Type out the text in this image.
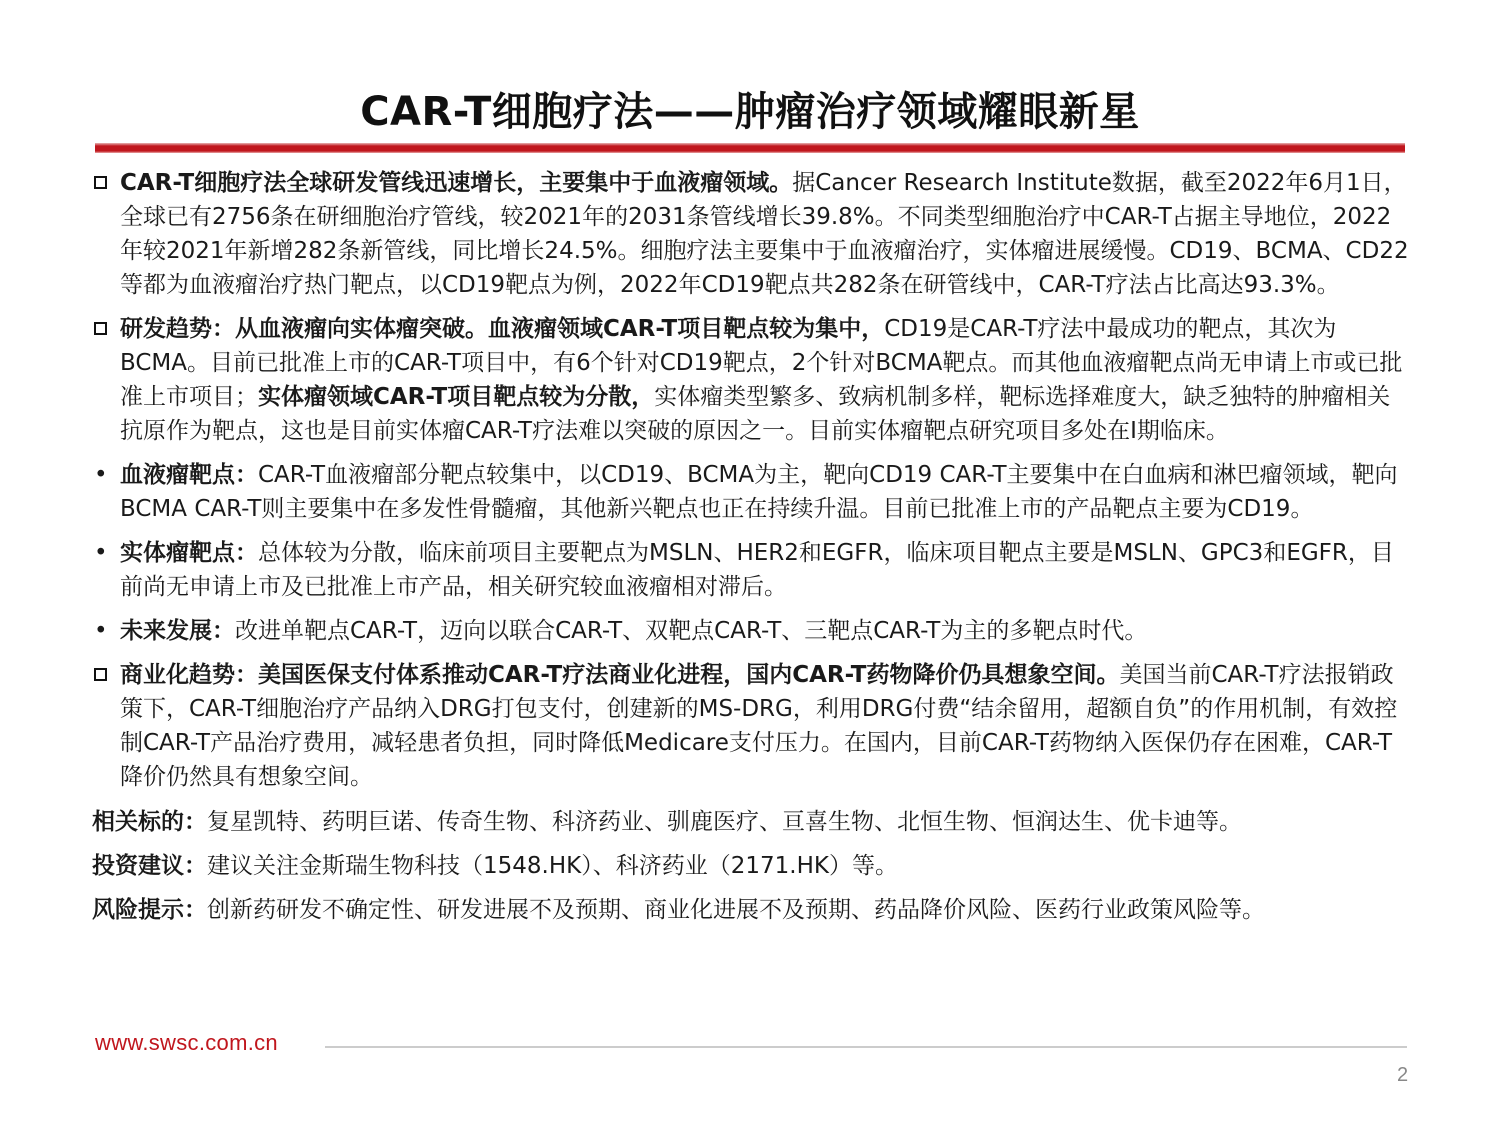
CAR-T细胞疗法——肿瘤治疗领域耀眼新星

CAR-T细胞疗法全球研发管线迅速增长，主要集中于血液瘤领域。据Cancer Research Institute数据，截至2022年6月1日，全球已有2756条在研细胞治疗管线，较2021年的2031条管线增长39.8%。不同类型细胞治疗中CAR-T占据主导地位，2022年较2021年新增282条新管线，同比增长24.5%。细胞疗法主要集中于血液瘤治疗，实体瘤进展缓慢。CD19、BCMA、CD22等都为血液瘤治疗热门靶点，以CD19靶点为例，2022年CD19靶点共282条在研管线中，CAR-T疗法占比高达93.3%。

研发趋势：从血液瘤向实体瘤突破。血液瘤领域CAR-T项目靶点较为集中，CD19是CAR-T疗法中最成功的靶点，其次为BCMA。目前已批准上市的CAR-T项目中，有6个针对CD19靶点，2个针对BCMA靶点。而其他血液瘤靶点尚无申请上市或已批准上市项目；实体瘤领域CAR-T项目靶点较为分散，实体瘤类型繁多、致病机制多样，靶标选择难度大，缺乏独特的肿瘤相关抗原作为靶点，这也是目前实体瘤CAR-T疗法难以突破的原因之一。目前实体瘤靶点研究项目多处在I期临床。

• 血液瘤靶点：CAR-T血液瘤部分靶点较集中，以CD19、BCMA为主，靶向CD19 CAR-T主要集中在白血病和淋巴瘤领域，靶向BCMA CAR-T则主要集中在多发性骨髓瘤，其他新兴靶点也正在持续升温。目前已批准上市的产品靶点主要为CD19。

• 实体瘤靶点：总体较为分散，临床前项目主要靶点为MSLN、HER2和EGFR，临床项目靶点主要是MSLN、GPC3和EGFR，目前尚无申请上市及已批准上市产品，相关研究较血液瘤相对滞后。

• 未来发展：改进单靶点CAR-T，迈向以联合CAR-T、双靶点CAR-T、三靶点CAR-T为主的多靶点时代。

商业化趋势：美国医保支付体系推动CAR-T疗法商业化进程，国内CAR-T药物降价仍具想象空间。美国当前CAR-T疗法报销政策下，CAR-T细胞治疗产品纳入DRG打包支付，创建新的MS-DRG，利用DRG付费“结余留用，超额自负”的作用机制，有效控制CAR-T产品治疗费用，减轻患者负担，同时降低Medicare支付压力。在国内，目前CAR-T药物纳入医保仍存在困难，CAR-T降价仍然具有想象空间。

相关标的：复星凯特、药明巨诺、传奇生物、科济药业、驯鹿医疗、亘喜生物、北恒生物、恒润达生、优卡迪等。

投资建议：建议关注金斯瑞生物科技（1548.HK）、科济药业（2171.HK）等。

风险提示：创新药研发不确定性、研发进展不及预期、商业化进展不及预期、药品降价风险、医药行业政策风险等。

www.swsc.com.cn
2
